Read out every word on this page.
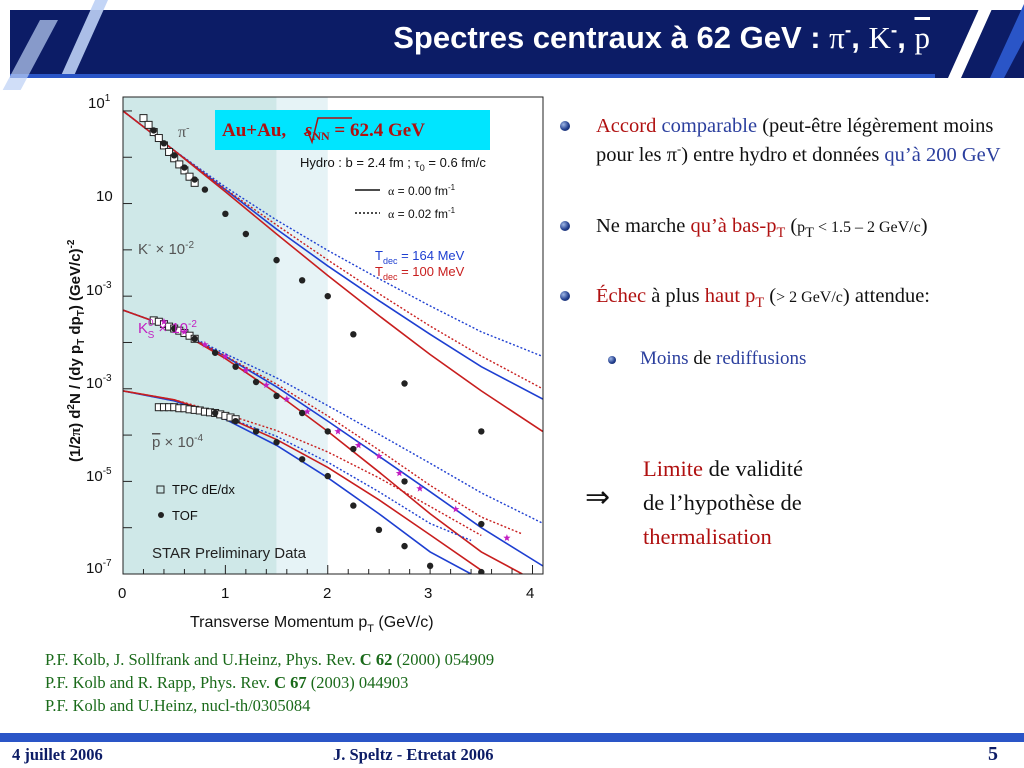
Spectres centraux à 62 GeV : π-, K-, $\overline{p}$
$10^1$
10
$10^{-3}$
$10^{-3}$
$10^{-5}$
$10^{-7}$
0	1	2	3	4
Transverse Momentum $p_T$ (GeV/c)
(1/2π) $d^2N / (dy$ $p_T$ $dp_T$) $(GeV/c)^{-2}$
Au+Au, $s_{NN} = 62.4$ GeV
Hydro : b = 2.4 fm ; $\tau_0 = 0.6$ fm/c
α = 0.00 $fm^{-1}$
α = 0.02 $fm^{-1}$
$T_{dec} = 164$ MeV
$T_{dec} = 100$ MeV
π-
$K^- \times 10^{-2}$
$K^0$ $S \times 10^{-2}$
$p \times 10^{-4}$
TPC dE/dx
TOF
STAR Preliminary Data
Accord comparable (peut-être légèrement moins pour les π-) entre hydro et données qu’à 200 GeV
Ne marche qu’à bas-$p_T$ ($p_T < 1.5 - 2$ GeV/c)
Échec à plus haut $p_T$ (> 2 GeV/c) attendue:
Moins de rediffusions
⇒
Limite de validité
de l’hypothèse de
thermalisation
P.F. Kolb, J. Sollfrank and U.Heinz, Phys. Rev. C 62 (2000) 054909
P.F. Kolb and R. Rapp, Phys. Rev. C 67 (2003) 044903
P.F. Kolb and U.Heinz, nucl-th/0305084
4 juillet 2006	J. Speltz - Etretat 2006	5
